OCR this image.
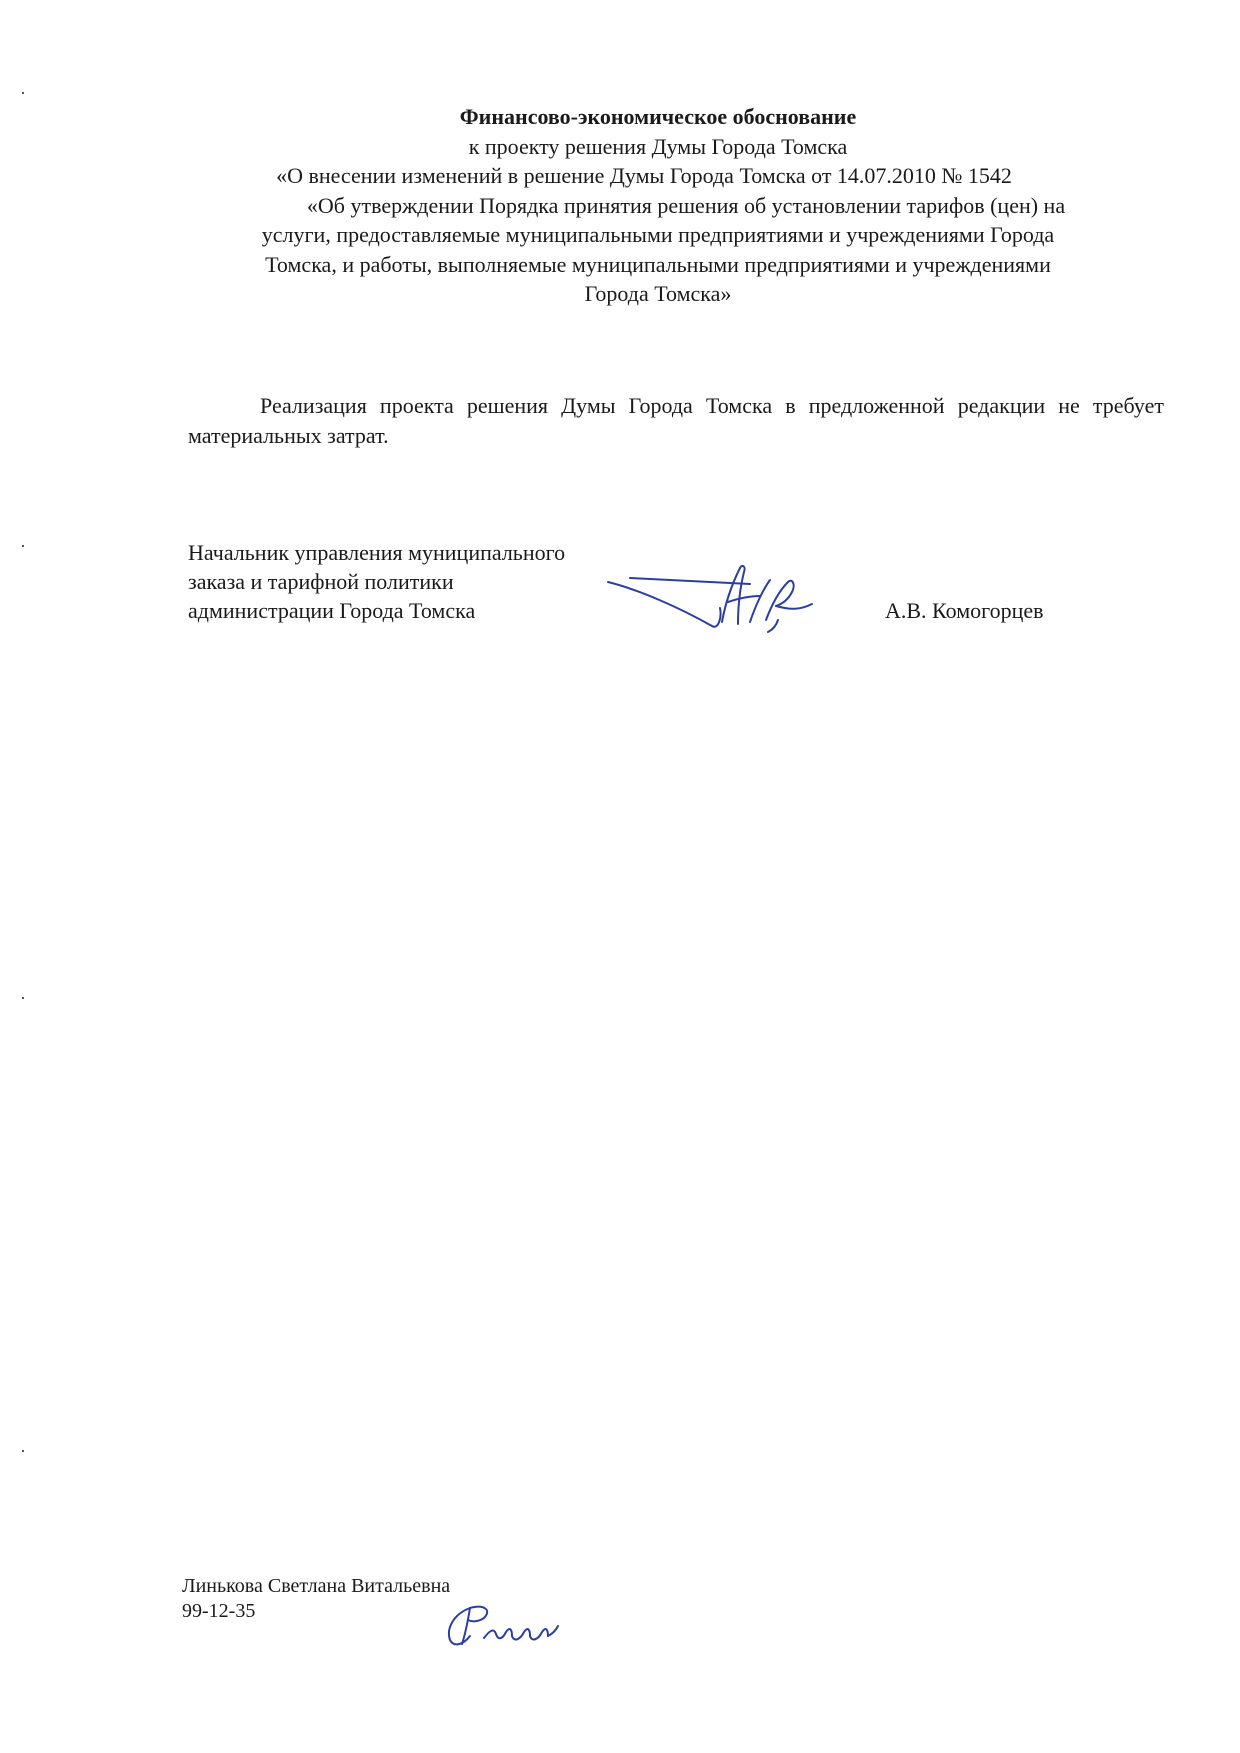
Финансово-экономическое обоснование
к проекту решения Думы Города Томска
«О внесении изменений в решение Думы Города Томска от 14.07.2010 № 1542
«Об утверждении Порядка принятия решения об установлении тарифов (цен) на
услуги, предоставляемые муниципальными предприятиями и учреждениями Города
Томска, и работы, выполняемые муниципальными предприятиями и учреждениями
Города Томска»

Реализация проекта решения Думы Города Томска в предложенной редакции не требует материальных затрат.

Начальник управления муниципального
заказа и тарифной политики
администрации Города Томска	А.В. Комогорцев
Линькова Светлана Витальевна
99-12-35
